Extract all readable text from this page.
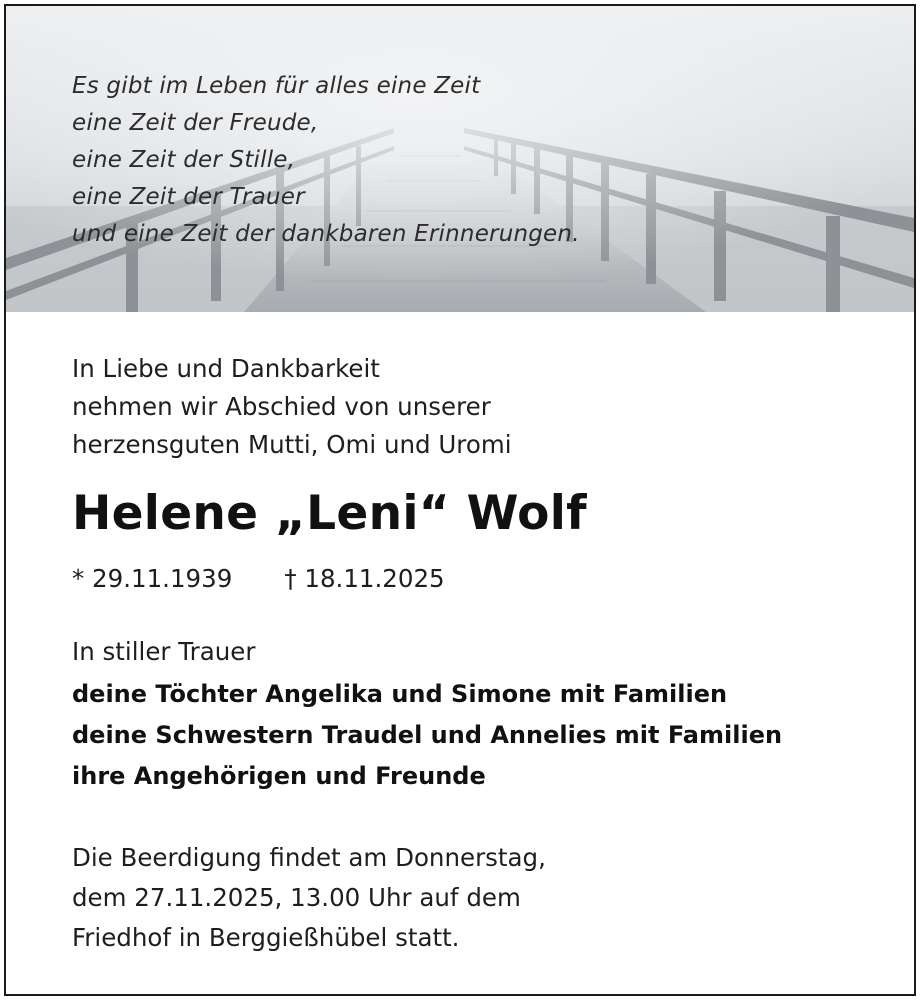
Es gibt im Leben für alles eine Zeit
eine Zeit der Freude,
eine Zeit der Stille,
eine Zeit der Trauer
und eine Zeit der dankbaren Erinnerungen.
In Liebe und Dankbarkeit
nehmen wir Abschied von unserer
herzensguten Mutti, Omi und Uromi
Helene „Leni“ Wolf
* 29.11.1939 † 18.11.2025
In stiller Trauer
deine Töchter Angelika und Simone mit Familien
deine Schwestern Traudel und Annelies mit Familien
ihre Angehörigen und Freunde
Die Beerdigung findet am Donnerstag,
dem 27.11.2025, 13.00 Uhr auf dem
Friedhof in Berggießhübel statt.
